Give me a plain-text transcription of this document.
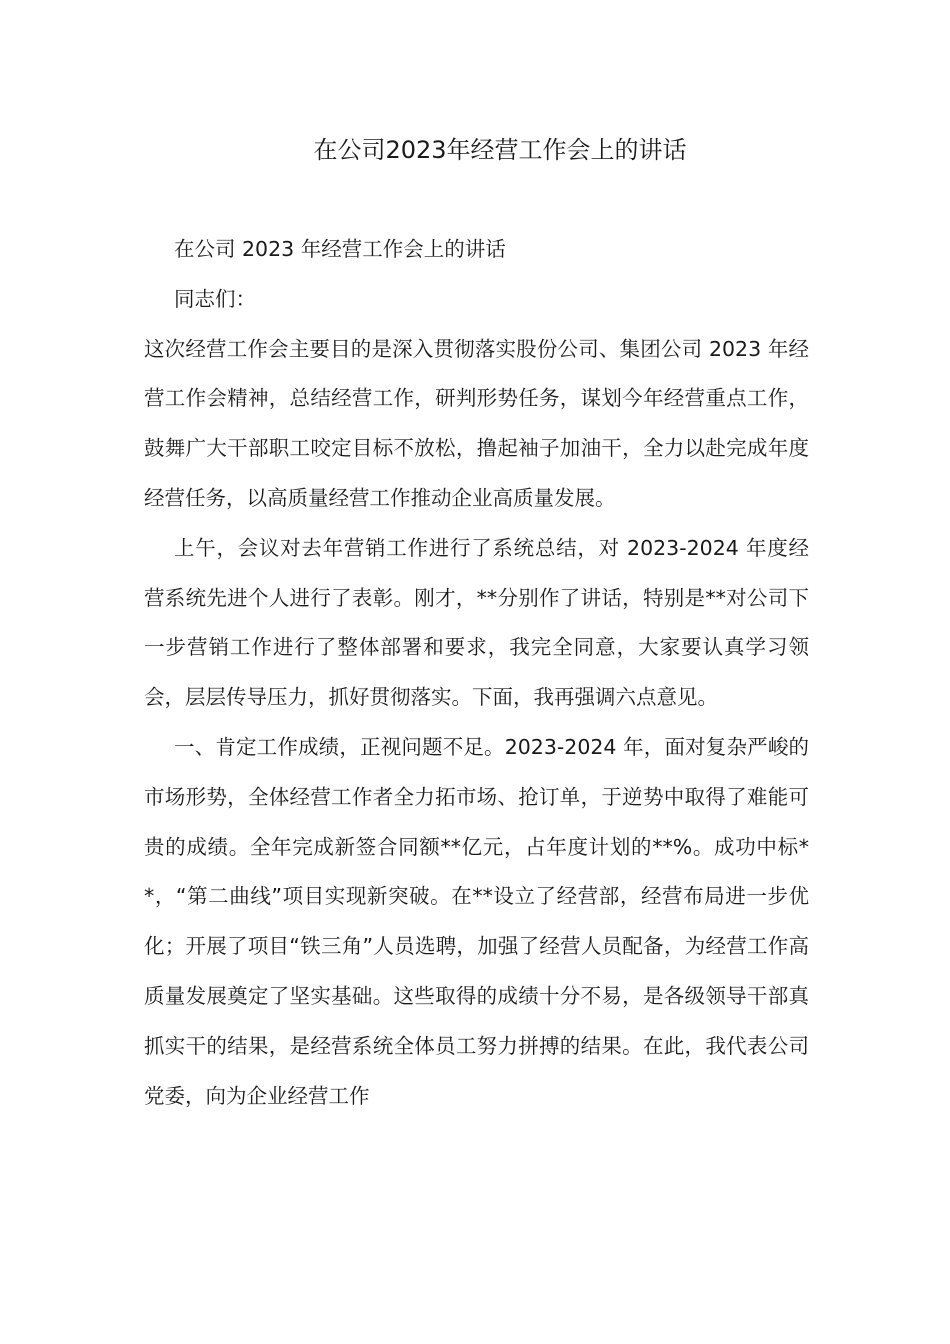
在公司2023年经营工作会上的讲话

在公司 2023 年经营工作会上的讲话

同志们：

这次经营工作会主要目的是深入贯彻落实股份公司、集团公司 2023 年经营工作会精神，总结经营工作，研判形势任务，谋划今年经营重点工作，鼓舞广大干部职工咬定目标不放松，撸起袖子加油干，全力以赴完成年度经营任务，以高质量经营工作推动企业高质量发展。

上午，会议对去年营销工作进行了系统总结，对 2023-2024 年度经营系统先进个人进行了表彰。刚才，**分别作了讲话，特别是**对公司下一步营销工作进行了整体部署和要求，我完全同意，大家要认真学习领会，层层传导压力，抓好贯彻落实。下面，我再强调六点意见。

一、肯定工作成绩，正视问题不足。2023-2024 年，面对复杂严峻的市场形势，全体经营工作者全力拓市场、抢订单，于逆势中取得了难能可贵的成绩。全年完成新签合同额**亿元，占年度计划的**%。成功中标**，“第二曲线”项目实现新突破。在**设立了经营部，经营布局进一步优化；开展了项目“铁三角”人员选聘，加强了经营人员配备，为经营工作高质量发展奠定了坚实基础。这些取得的成绩十分不易，是各级领导干部真抓实干的结果，是经营系统全体员工努力拼搏的结果。在此，我代表公司党委，向为企业经营工作
